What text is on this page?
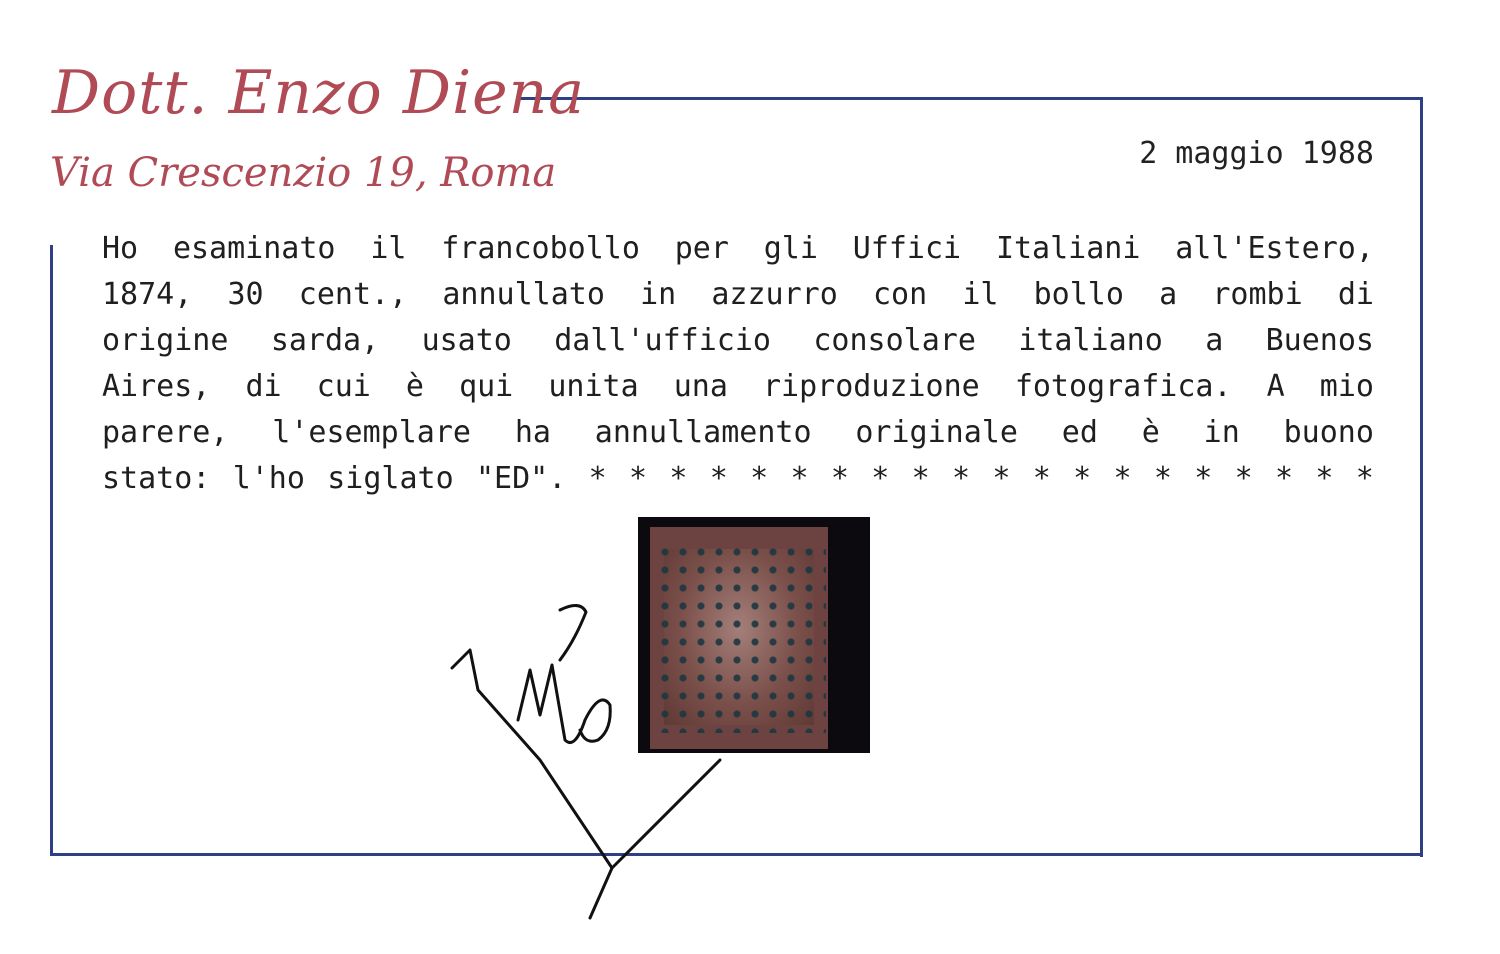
Dott. Enzo Diena
Via Crescenzio 19, Roma	2 maggio 1988
Ho esaminato il francobollo per gli Uffici Italiani all'Estero,
1874, 30 cent., annullato in azzurro con il bollo a rombi di
origine sarda, usato dall'ufficio consolare italiano a Buenos
Aires, di cui è qui unita una riproduzione fotografica. A mio
parere, l'esemplare ha annullamento originale ed è in buono
stato: l'ho siglato "ED". * * * * * * * * * * * * * * * * * * * *
